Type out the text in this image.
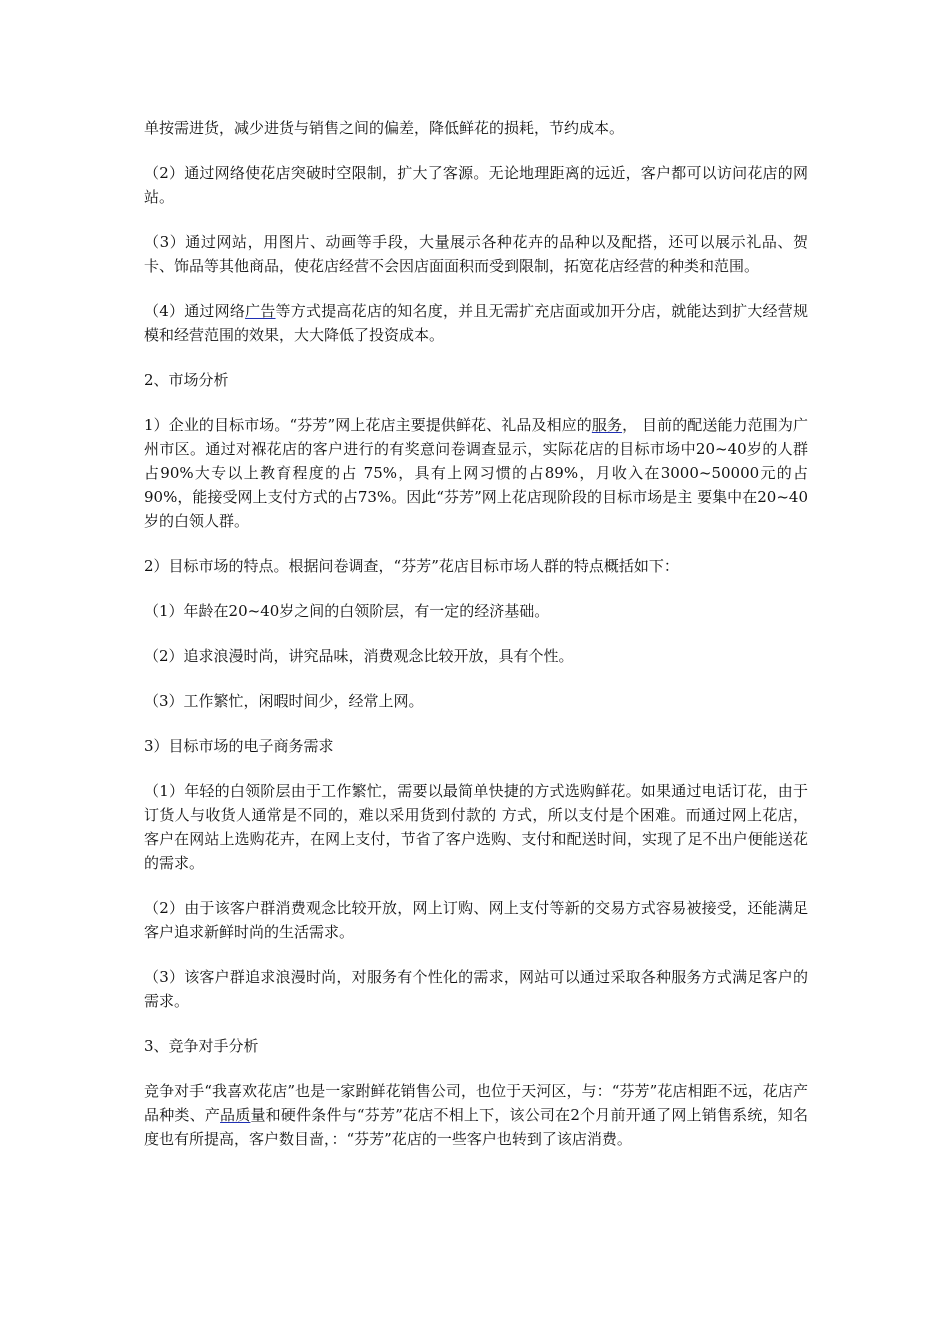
单按需进货，减少进货与销售之间的偏差，降低鲜花的损耗，节约成本。

（2）通过网络使花店突破时空限制，扩大了客源。无论地理距离的远近，客户都可以访问花店的网站。

（3）通过网站，用图片、动画等手段，大量展示各种花卉的品种以及配搭，还可以展示礼品、贺卡、饰品等其他商品，使花店经营不会因店面面积而受到限制，拓宽花店经营的种类和范围。

（4）通过网络广告等方式提高花店的知名度，并且无需扩充店面或加开分店，就能达到扩大经营规模和经营范围的效果，大大降低了投资成本。

2、市场分析

1）企业的目标市场。“芬芳”网上花店主要提供鲜花、礼品及相应的服务， 目前的配送能力范围为广州市区。通过对褓花店的客户进行的有奖意问卷调查显示，实际花店的目标市场中20~40岁的人群占90%大专以上教育程度的占 75%，具有上网习惯的占89%，月收入在3000~50000元的占90%，能接受网上支付方式的占73%。因此“芬芳”网上花店现阶段的目标市场是主 要集中在20~40岁的白领人群。

2）目标市场的特点。根据问卷调查，“芬芳”花店目标市场人群的特点概括如下：

（1）年龄在20~40岁之间的白领阶层，有一定的经济基础。

（2）追求浪漫时尚，讲究品味，消费观念比较开放，具有个性。

（3）工作繁忙，闲暇时间少，经常上网。

3）目标市场的电子商务需求

（1）年轻的白领阶层由于工作繁忙，需要以最简单快捷的方式选购鲜花。如果通过电话订花，由于订货人与收货人通常是不同的，难以采用货到付款的 方式，所以支付是个困难。而通过网上花店，客户在网站上选购花卉，在网上支付，节省了客户选购、支付和配送时间，实现了足不出户便能送花的需求。

（2）由于该客户群消费观念比较开放，网上订购、网上支付等新的交易方式容易被接受，还能满足客户追求新鲜时尚的生活需求。

（3）该客户群追求浪漫时尚，对服务有个性化的需求，网站可以通过采取各种服务方式满足客户的需求。

3、竞争对手分析

竞争对手“我喜欢花店”也是一家跗鲜花销售公司，也位于天河区，与：“芬芳”花店相距不远，花店产品种类、产品质量和硬件条件与“芬芳”花店不相上下，该公司在2个月前开通了网上销售系统，知名度也有所提高，客户数目啬，：“芬芳”花店的一些客户也转到了该店消费。
